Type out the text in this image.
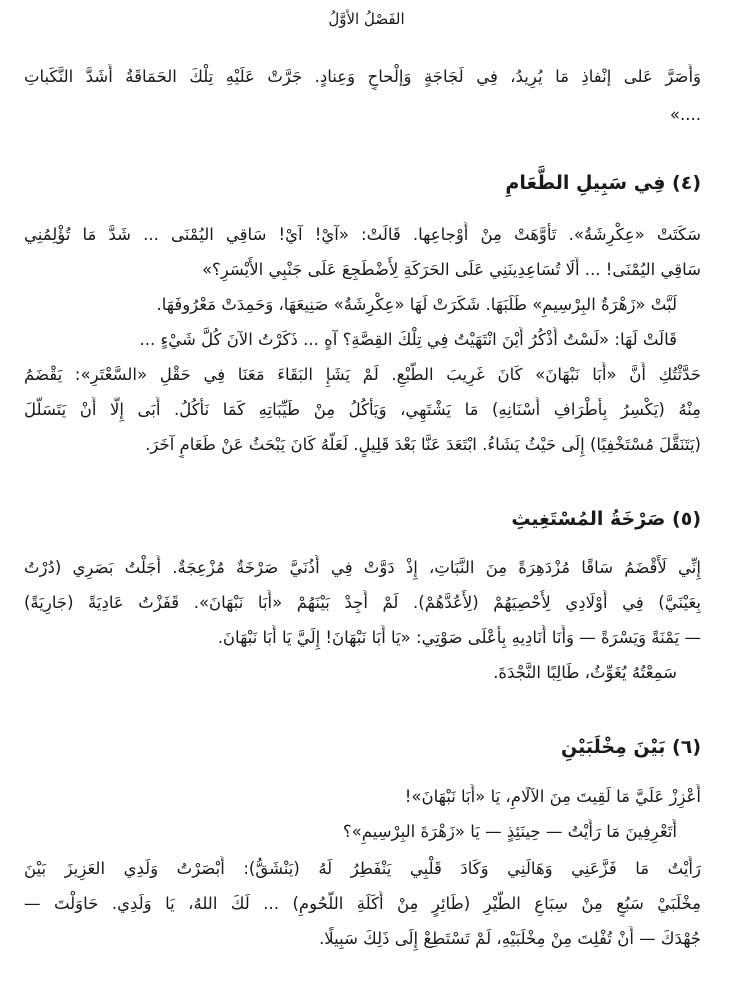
الفَصْلُ الأوَّلُ
وَأَصَرَّ عَلى إنْفاذِ مَا يُرِيدُ، فِي لَجَاجَةٍ وَإلْحاحٍ وَعِنادٍ. جَرَّتْ عَلَيْهِ تِلْكَ الحَمَاقَةُ أَشَدَّ النَّكَباتِ
....»
(٤) فِي سَبِيلِ الطَّعَامِ
سَكَتَتْ «عِكْرِشَةُ». تَأَوَّهَتْ مِنْ أَوْجاعِها. قَالَتْ: «آيْ! آيْ! سَاقِي اليُمْنَى ... شَدَّ مَا تُؤْلِمُنِي
سَاقِي اليُمْنَى! ... أَلَا تُسَاعِدِينَنِي عَلَى الحَرَكَةِ لِأَضْطَجِعَ عَلَى جَنْبِي الأَيْسَرِ؟»
لَبَّتْ «زَهْرَةُ البِرْسِيمِ» طَلَبَهَا. شَكَرَتْ لَهَا «عِكْرِشَةُ» صَنِيعَهَا، وَحَمِدَتْ مَعْرُوفَهَا.
قَالَتْ لَهَا: «لَسْتُ أَذْكُرُ أَيْنَ انْتَهَيْتُ فِي تِلْكَ القِصَّةِ؟ آهٍ ... ذَكَرْتُ الآنَ كُلَّ شَيْءٍ ...
حَدَّثْتُكِ أَنَّ «أَبَا نَبْهَانَ» كَانَ غَرِيبَ الطَّبْعِ. لَمْ يَشَإِ البَقَاءَ مَعَنَا فِي حَقْلِ «السَّعْتَرِ»: يَقْضَمُ
مِنْهُ (يَكْسِرُ بِأَطْرَافِ أَسْنَانِهِ) مَا يَشْتَهِي، وَيَأْكُلُ مِنْ طَيِّبَاتِهِ كَمَا نَأْكُلُ. أَبَى إِلَّا أَنْ يَتَسَلَّلَ
(يَتَنَقَّلَ مُسْتَخْفِيًا) إِلَى حَيْثُ يَشَاءُ. ابْتَعَدَ عَنَّا بَعْدَ قَلِيلٍ. لَعَلَّهُ كَانَ يَبْحَثُ عَنْ طَعَامٍ آخَرَ.
(٥) صَرْخَةُ المُسْتَغِيثِ
إِنِّي لَأَقْضَمُ سَاقًا مُزْدَهِرَةً مِنَ النَّبَاتِ، إِذْ دَوَّتْ فِي أُذُنَيَّ صَرْخَةٌ مُزْعِجَةٌ. أَجَلْتُ بَصَرِي (دُرْتُ
بِعَيْنَيَّ) فِي أَوْلَادِي لِأُحْصِيَهُمْ (لِأَعُدَّهُمْ). لَمْ أَجِدْ بَيْنَهُمْ «أَبَا نَبْهَانَ». قَفَزْتُ عَادِيَةً (جَارِيَةً)
— يَمْنَةً وَيَسْرَةً — وَأَنَا أُنَادِيهِ بِأَعْلَى صَوْتِي: «يَا أَبَا نَبْهَانَ! إِلَيَّ يَا أَبَا نَبْهَانَ.
سَمِعْتُهُ يُغَوِّثُ، طَالِبًا النَّجْدَةَ.
(٦) بَيْنَ مِخْلَبَيْنِ
أَعْزِزْ عَلَيَّ مَا لَقِيتَ مِنَ الآلَامِ، يَا «أَبَا نَبْهَانَ»!
أَتَعْرِفِينَ مَا رَأَيْتُ — حِينَئِذٍ — يَا «زَهْرَةَ البِرْسِيمِ»؟
رَأَيْتُ مَا فَزَّعَنِي وَهَالَنِي وَكَادَ قَلْبِي يَنْفَطِرُ لَهُ (يَنْشَقُّ): أَبْصَرْتُ وَلَدِي العَزِيزَ بَيْنَ
مِخْلَبَيْ سَبُعٍ مِنْ سِبَاعِ الطَّيْرِ (طَائِرٍ مِنْ أَكَلَةِ اللُّحُومِ) ... لَكَ اللهُ، يَا وَلَدِي. حَاوَلْتَ —
جُهْدَكَ — أَنْ تُفْلِتَ مِنْ مِخْلَبَيْهِ، لَمْ تَسْتَطِعْ إِلَى ذَلِكَ سَبِيلًا.
